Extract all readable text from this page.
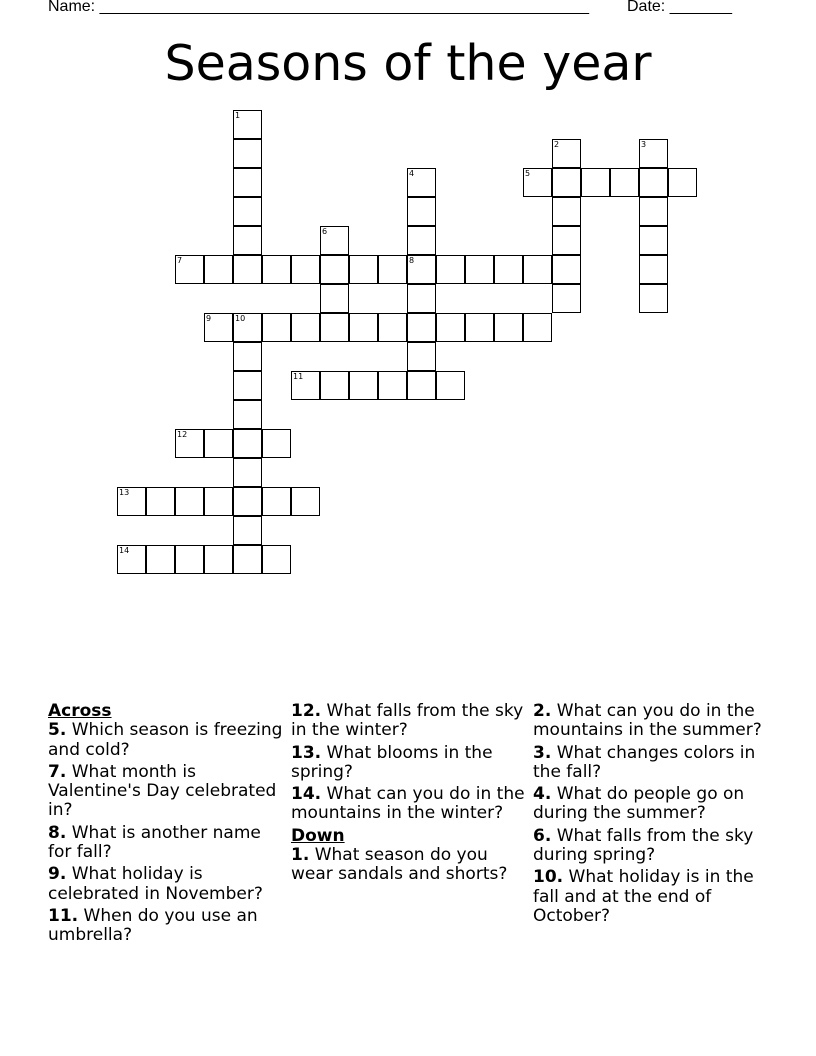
Name: _______________________________________________________ Date: _______
Seasons of the year
1
7
10
6
4
2	3
5
8
9
11
12
13
14

Across

5. Which season is freezing and cold?

7. What month is Valentine's Day celebrated in?

8. What is another name for fall?

9. What holiday is celebrated in November?

11. When do you use an umbrella?

12. What falls from the sky in the winter?

13. What blooms in the spring?

14. What can you do in the mountains in the winter?

Down

1. What season do you wear sandals and shorts?

2. What can you do in the mountains in the summer?

3. What changes colors in the fall?

4. What do people go on during the summer?

6. What falls from the sky during spring?

10. What holiday is in the fall and at the end of October?
